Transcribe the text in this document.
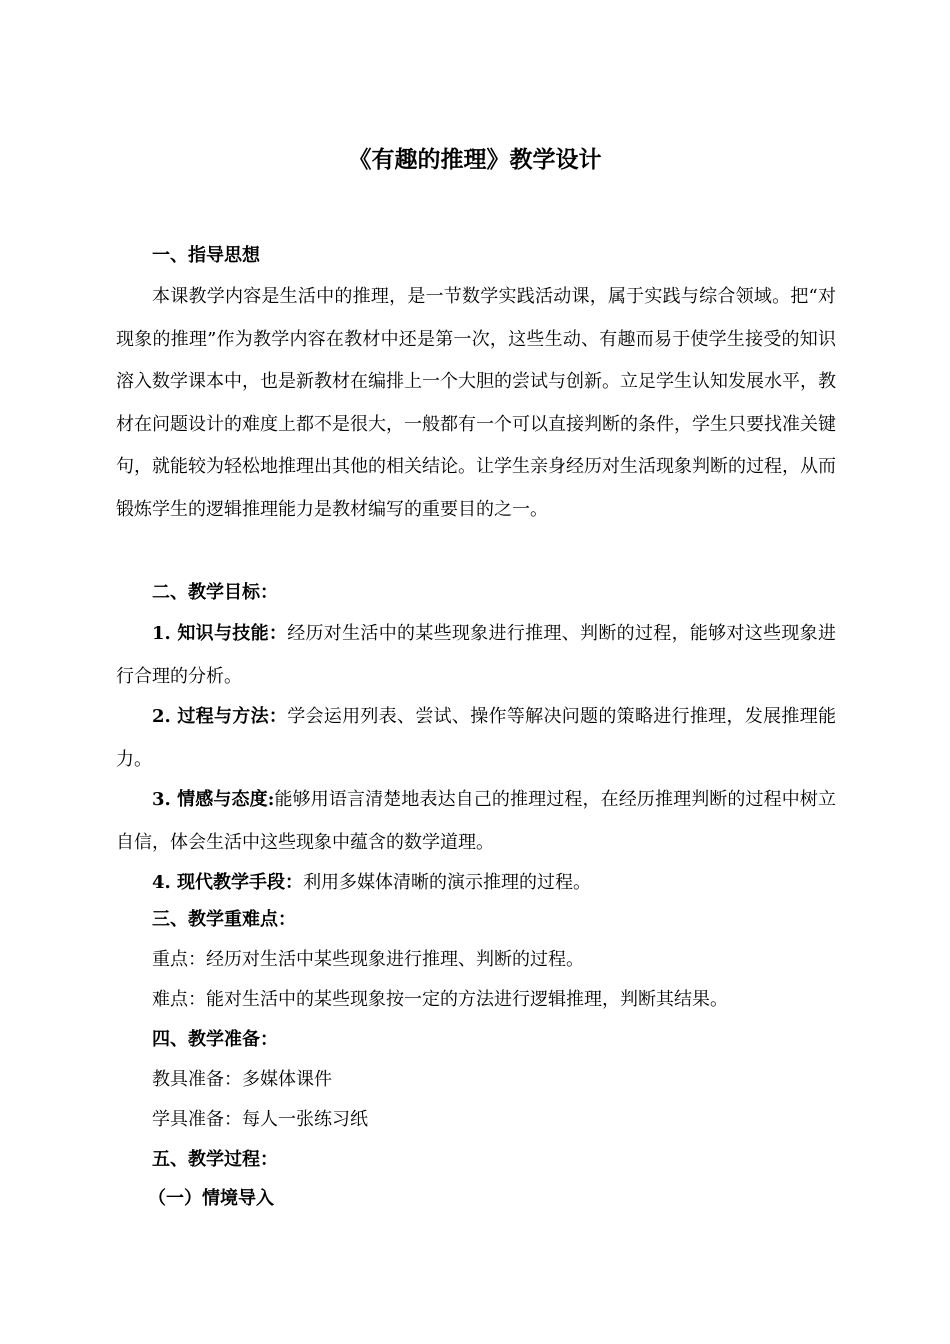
《有趣的推理》教学设计
一、指导思想

本课教学内容是生活中的推理，是一节数学实践活动课，属于实践与综合领域。把“对现象的推理”作为教学内容在教材中还是第一次，这些生动、有趣而易于使学生接受的知识溶入数学课本中，也是新教材在编排上一个大胆的尝试与创新。立足学生认知发展水平，教材在问题设计的难度上都不是很大，一般都有一个可以直接判断的条件，学生只要找准关键句，就能较为轻松地推理出其他的相关结论。让学生亲身经历对生活现象判断的过程，从而锻炼学生的逻辑推理能力是教材编写的重要目的之一。

二、教学目标：

1. 知识与技能：经历对生活中的某些现象进行推理、判断的过程，能够对这些现象进行合理的分析。

2. 过程与方法：学会运用列表、尝试、操作等解决问题的策略进行推理，发展推理能力。

3. 情感与态度:能够用语言清楚地表达自己的推理过程，在经历推理判断的过程中树立自信，体会生活中这些现象中蕴含的数学道理。

4. 现代教学手段：利用多媒体清晰的演示推理的过程。

三、教学重难点：
重点：经历对生活中某些现象进行推理、判断的过程。
难点：能对生活中的某些现象按一定的方法进行逻辑推理，判断其结果。
四、教学准备：
教具准备：多媒体课件
学具准备：每人一张练习纸
五、教学过程：
（一）情境导入
